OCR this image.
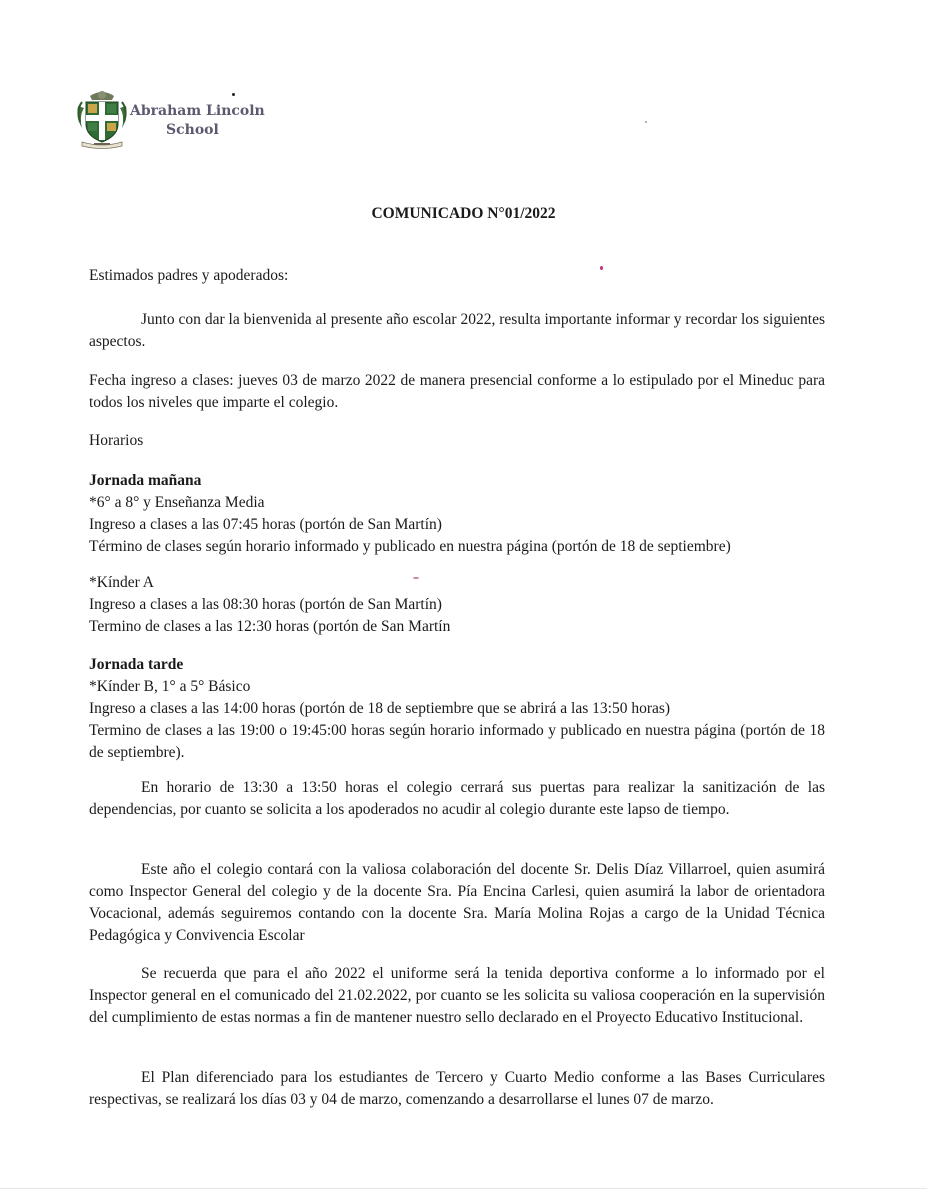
Abraham Lincoln
School
COMUNICADO N°01/2022
Estimados padres y apoderados:
Junto con dar la bienvenida al presente año escolar 2022, resulta importante informar y recordar los siguientes aspectos.
Fecha ingreso a clases: jueves 03 de marzo 2022 de manera presencial conforme a lo estipulado por el Mineduc para todos los niveles que imparte el colegio.
Horarios
Jornada mañana
*6° a 8° y Enseñanza Media
Ingreso a clases a las 07:45 horas (portón de San Martín)
Término de clases según horario informado y publicado en nuestra página (portón de 18 de septiembre)
*Kínder A
Ingreso a clases a las 08:30 horas (portón de San Martín)
Termino de clases a las 12:30 horas (portón de San Martín
Jornada tarde
*Kínder B, 1° a 5° Básico
Ingreso a clases a las 14:00 horas (portón de 18 de septiembre que se abrirá a las 13:50 horas)
Termino de clases a las 19:00 o 19:45:00 horas según horario informado y publicado en nuestra página (portón de 18 de septiembre).
En horario de 13:30 a 13:50 horas el colegio cerrará sus puertas para realizar la sanitización de las dependencias, por cuanto se solicita a los apoderados no acudir al colegio durante este lapso de tiempo.
Este año el colegio contará con la valiosa colaboración del docente Sr. Delis Díaz Villarroel, quien asumirá como Inspector General del colegio y de la docente Sra. Pía Encina Carlesi, quien asumirá la labor de orientadora Vocacional, además seguiremos contando con la docente Sra. María Molina Rojas a cargo de la Unidad Técnica Pedagógica y Convivencia Escolar
Se recuerda que para el año 2022 el uniforme será la tenida deportiva conforme a lo informado por el Inspector general en el comunicado del 21.02.2022, por cuanto se les solicita su valiosa cooperación en la supervisión del cumplimiento de estas normas a fin de mantener nuestro sello declarado en el Proyecto Educativo Institucional.
El Plan diferenciado para los estudiantes de Tercero y Cuarto Medio conforme a las Bases Curriculares respectivas, se realizará los días 03 y 04 de marzo, comenzando a desarrollarse el lunes 07 de marzo.
